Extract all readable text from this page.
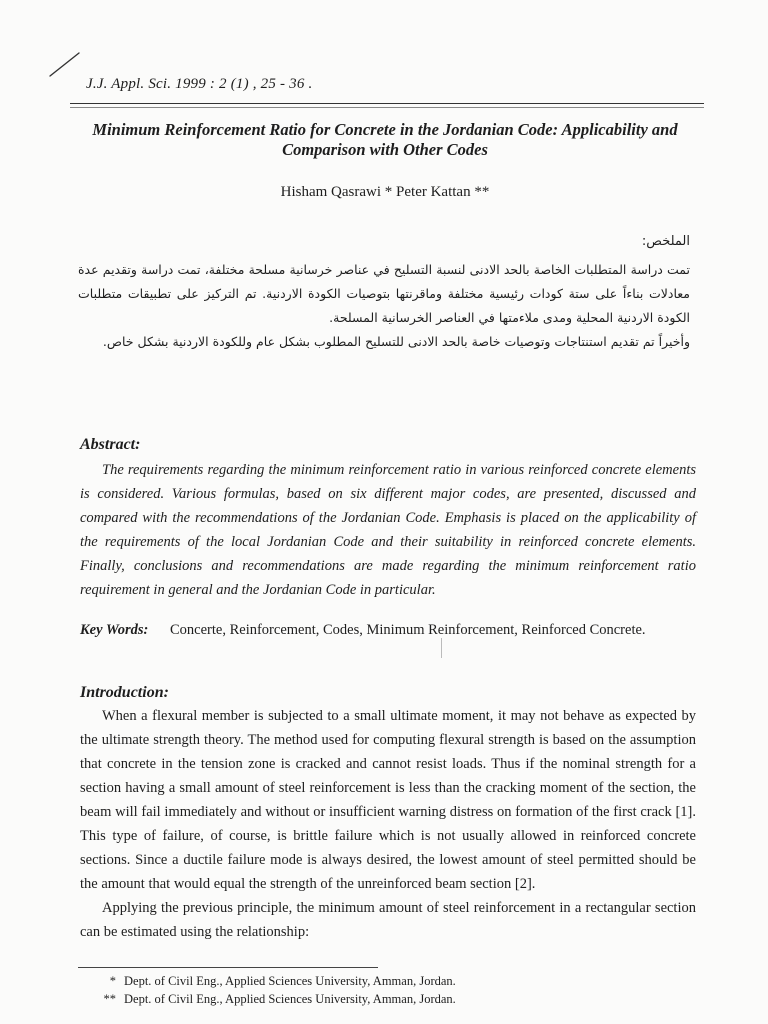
J.J. Appl. Sci. 1999 : 2 (1) , 25 - 36 .
Minimum Reinforcement Ratio for Concrete in the Jordanian Code: Applicability and Comparison with Other Codes
Hisham Qasrawi * Peter Kattan **
الملخص:

تمت دراسة المتطلبات الخاصة بالحد الادنى لنسبة التسليح في عناصر خرسانية مسلحة مختلفة، تمت دراسة وتقديم عدة معادلات بناءاً على ستة كودات رئيسية مختلفة وماقرنتها بتوصيات الكودة الاردنية. تم التركيز على تطبيقات متطلبات الكودة الاردنية المحلية ومدى ملاءمتها في العناصر الخرسانية المسلحة.

وأخيراً تم تقديم استنتاجات وتوصيات خاصة بالحد الادنى للتسليح المطلوب بشكل عام وللكودة الاردنية بشكل خاص.

Abstract:

The requirements regarding the minimum reinforcement ratio in various reinforced concrete elements is considered. Various formulas, based on six different major codes, are presented, discussed and compared with the recommendations of the Jordanian Code. Emphasis is placed on the applicability of the requirements of the local Jordanian Code and their suitability in reinforced concrete elements. Finally, conclusions and recommendations are made regarding the minimum reinforcement ratio requirement in general and the Jordanian Code in particular.

Key Words:	Concerte, Reinforcement, Codes, Minimum Reinforcement, Reinforced Concrete.
Introduction:

When a flexural member is subjected to a small ultimate moment, it may not behave as expected by the ultimate strength theory. The method used for computing flexural strength is based on the assumption that concrete in the tension zone is cracked and cannot resist loads. Thus if the nominal strength for a section having a small amount of steel reinforcement is less than the cracking moment of the section, the beam will fail immediately and without or insufficient warning distress on formation of the first crack [1]. This type of failure, of course, is brittle failure which is not usually allowed in reinforced concrete sections. Since a ductile failure mode is always desired, the lowest amount of steel permitted should be the amount that would equal the strength of the unreinforced beam section [2].

Applying the previous principle, the minimum amount of steel reinforcement in a rectangular section can be estimated using the relationship:

* Dept. of Civil Eng., Applied Sciences University, Amman, Jordan.
** Dept. of Civil Eng., Applied Sciences University, Amman, Jordan.
